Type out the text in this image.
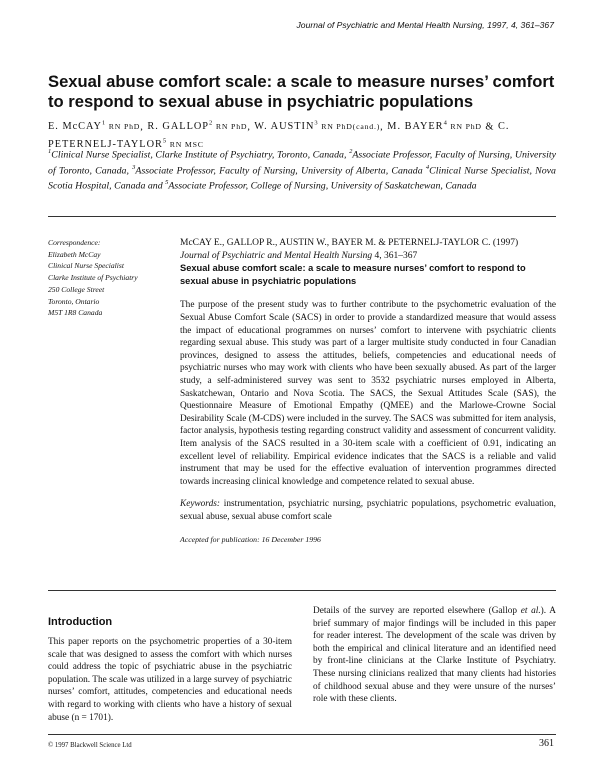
Journal of Psychiatric and Mental Health Nursing, 1997, 4, 361–367
Sexual abuse comfort scale: a scale to measure nurses’ comfort to respond to sexual abuse in psychiatric populations

E. McCAY$^1$ RN PhD, R. GALLOP$^2$ RN PhD, W. AUSTIN$^3$ RN PhD(cand.), M. BAYER$^4$ RN PhD & C. PETERNELJ-TAYLOR$^5$ RN MSC

$^1$Clinical Nurse Specialist, Clarke Institute of Psychiatry, Toronto, Canada, $^2$Associate Professor, Faculty of Nursing, University of Toronto, Canada, $^3$Associate Professor, Faculty of Nursing, University of Alberta, Canada $^4$Clinical Nurse Specialist, Nova Scotia Hospital, Canada and $^5$Associate Professor, College of Nursing, University of Saskatchewan, Canada

Correspondence:
Elizabeth McCay
Clinical Nurse Specialist
Clarke Institute of Psychiatry
250 College Street
Toronto, Ontario
M5T 1R8 Canada

McCAY E., GALLOP R., AUSTIN W., BAYER M. & PETERNELJ-TAYLOR C. (1997)
Journal of Psychiatric and Mental Health Nursing 4, 361–367

Sexual abuse comfort scale: a scale to measure nurses’ comfort to respond to sexual abuse in psychiatric populations

The purpose of the present study was to further contribute to the psychometric evaluation of the Sexual Abuse Comfort Scale (SACS) in order to provide a standardized measure that would assess the impact of educational programmes on nurses’ comfort to intervene with psychiatric clients regarding sexual abuse. This study was part of a larger multisite study conducted in four Canadian provinces, designed to assess the attitudes, beliefs, competencies and educational needs of psychiatric nurses who may work with clients who have been sexually abused. As part of the larger study, a self-administered survey was sent to 3532 psychiatric nurses employed in Alberta, Saskatchewan, Ontario and Nova Scotia. The SACS, the Sexual Attitudes Scale (SAS), the Questionnaire Measure of Emotional Empathy (QMEE) and the Marlowe-Crowne Social Desirability Scale (M-CDS) were included in the survey. The SACS was submitted for item analysis, factor analysis, hypothesis testing regarding construct validity and assessment of concurrent validity. Item analysis of the SACS resulted in a 30-item scale with a coefficient of 0.91, indicating an excellent level of reliability. Empirical evidence indicates that the SACS is a reliable and valid instrument that may be used for the effective evaluation of intervention programmes directed towards increasing clinical knowledge and competence related to sexual abuse.

Keywords: instrumentation, psychiatric nursing, psychiatric populations, psychometric evaluation, sexual abuse, sexual abuse comfort scale

Accepted for publication: 16 December 1996

Introduction

This paper reports on the psychometric properties of a 30-item scale that was designed to assess the comfort with which nurses could address the topic of psychiatric abuse in the psychiatric population. The scale was utilized in a large survey of psychiatric nurses’ comfort, attitudes, competencies and educational needs with regard to working with clients who have a history of sexual abuse (n = 1701).

Details of the survey are reported elsewhere (Gallop et al.). A brief summary of major findings will be included in this paper for reader interest. The development of the scale was driven by both the empirical and clinical literature and an identified need by front-line clinicians at the Clarke Institute of Psychiatry. These nursing clinicians realized that many clients had histories of childhood sexual abuse and they were unsure of the nurses’ role with these clients.

© 1997 Blackwell Science Ltd	361
